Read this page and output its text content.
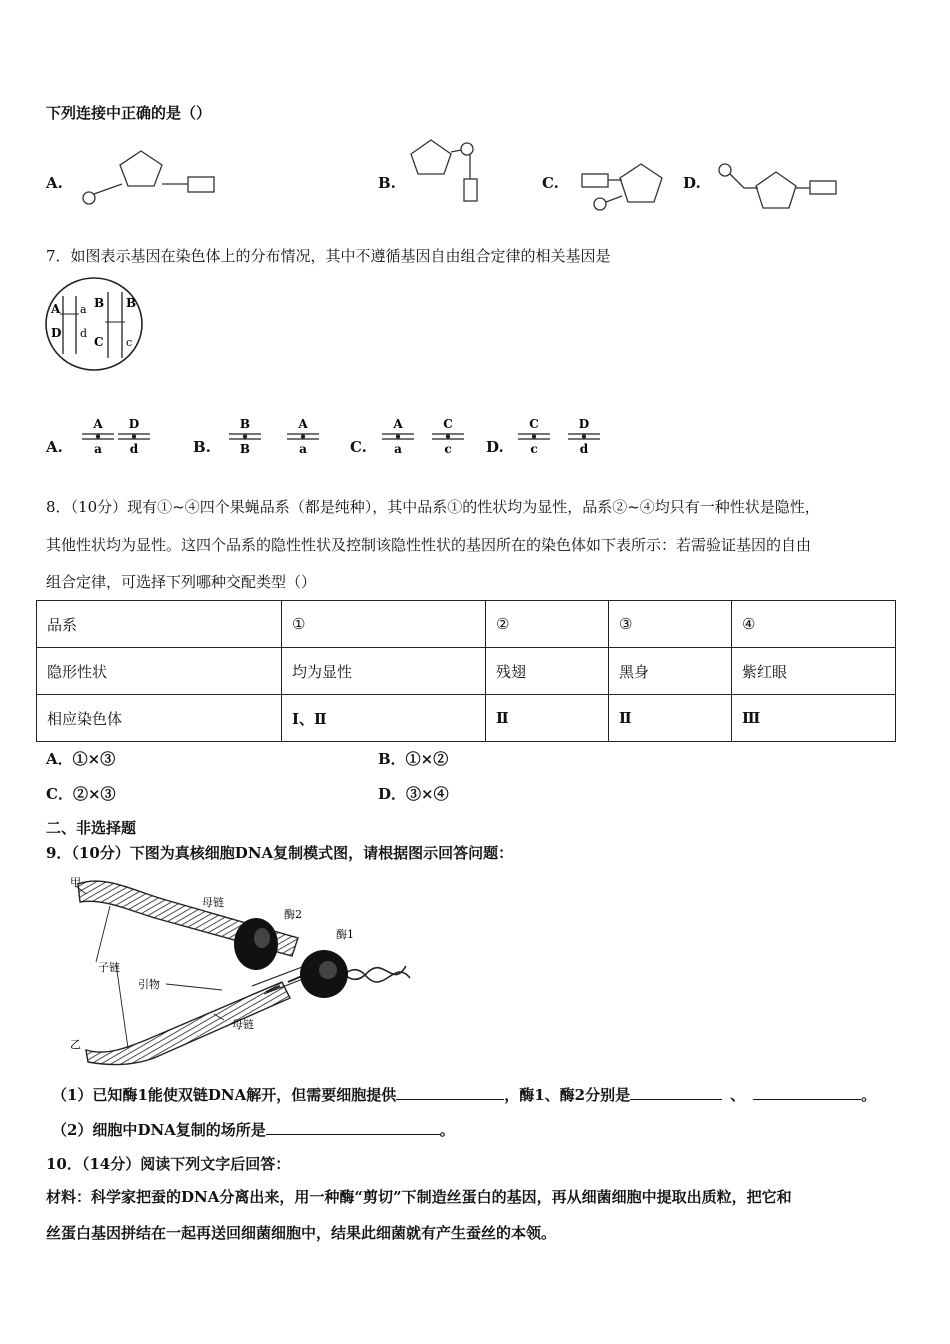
下列连接中正确的是（）
A.	B.	C.	D.
7．如图表示基因在染色体上的分布情况，其中不遵循基因自由组合定律的相关基因是
A a B B
D d
C c
A.	B.	C.	D.
A
a
D
d
B
B
A
a
A
a
C
c
C
c
D
d
8．（10分）现有①~④四个果蝇品系（都是纯种），其中品系①的性状均为显性，品系②~④均只有一种性状是隐性，
其他性状均为显性。这四个品系的隐性性状及控制该隐性性状的基因所在的染色体如下表所示：若需验证基因的自由
组合定律，可选择下列哪种交配类型（）
品系	①	②	③	④
隐形性状	均为显性	残翅	黑身	紫红眼
相应染色体	Ⅰ、Ⅱ	Ⅱ	Ⅱ	Ⅲ
A．①×③	B．①×②
C．②×③	D．③×④
二、非选择题
9．（10分）下图为真核细胞DNA复制模式图，请根据图示回答问题：
甲
母链
酶2
酶1
子链
引物
母链
乙
（1）已知酶1能使双链DNA解开，但需要细胞提供	，酶1、酶2分别是	、	。
（2）细胞中DNA复制的场所是	。
10．（14分）阅读下列文字后回答：
材料：科学家把蚕的DNA分离出来，用一种酶“剪切”下制造丝蛋白的基因，再从细菌细胞中提取出质粒，把它和
丝蛋白基因拼结在一起再送回细菌细胞中，结果此细菌就有产生蚕丝的本领。
